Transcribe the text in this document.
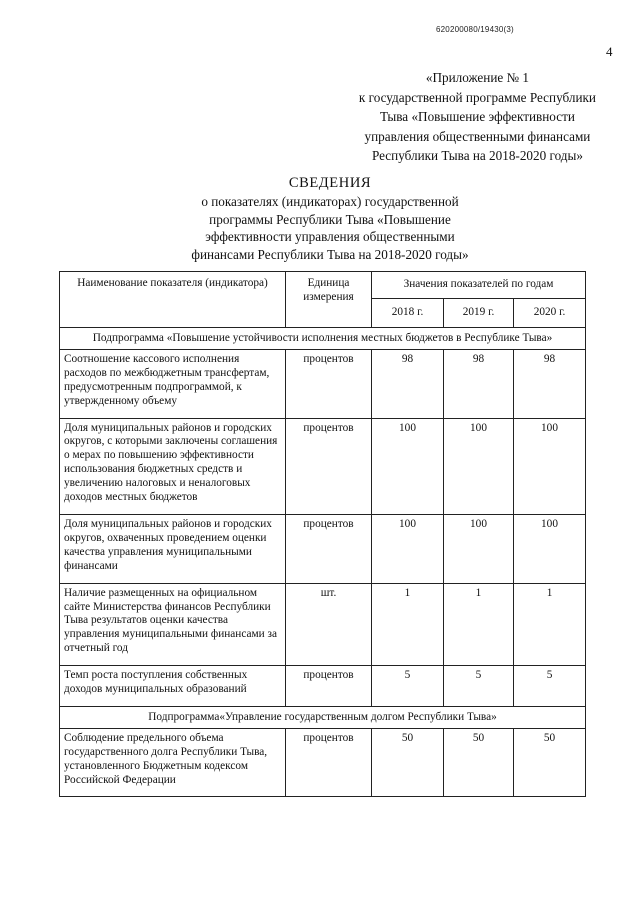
620200080/19430(3)
4
«Приложение № 1
к государственной программе Республики
Тыва «Повышение эффективности
управления общественными финансами
Республики Тыва на 2018-2020 годы»
СВЕДЕНИЯ
о показателях (индикаторах) государственной
программы Республики Тыва «Повышение
эффективности управления общественными
финансами Республики Тыва на 2018-2020 годы»
Наименование показателя (индикатора)	Единица измерения	Значения показателей по годам		
		2018 г.	2019 г.	2020 г.
Подпрограмма «Повышение устойчивости исполнения местных бюджетов в Республике Тыва»				
Соотношение кассового исполнения расходов по межбюджетным трансфертам, предусмотренным подпрограммой, к утвержденному объему	процентов	98	98	98
Доля муниципальных районов и городских округов, с которыми заключены соглашения о мерах по повышению эффективности использования бюджетных средств и увеличению налоговых и неналоговых доходов местных бюджетов	процентов	100	100	100
Доля муниципальных районов и городских округов, охваченных проведением оценки качества управления муниципальными финансами	процентов	100	100	100
Наличие размещенных на официальном сайте Министерства финансов Республики Тыва результатов оценки качества управления муниципальными финансами за отчетный год	шт.	1	1	1
Темп роста поступления собственных доходов муниципальных образований	процентов	5	5	5
Подпрограмма«Управление государственным долгом Республики Тыва»				
Соблюдение предельного объема государственного долга Республики Тыва, установленного Бюджетным кодексом Российской Федерации	процентов	50	50	50
